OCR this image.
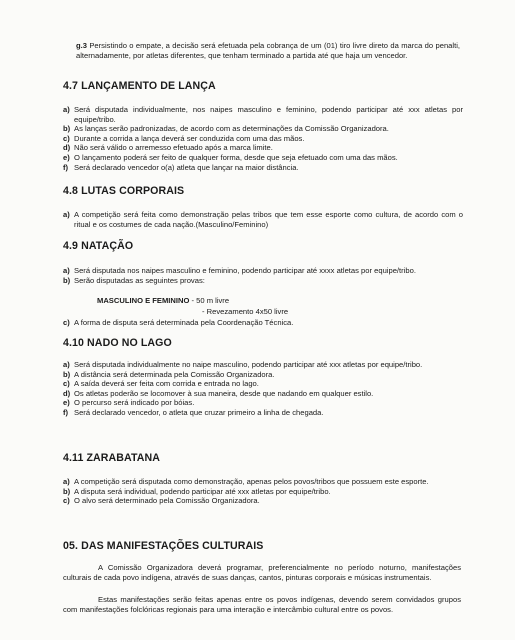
g.3 Persistindo o empate, a decisão será efetuada pela cobrança de um (01) tiro livre direto da marca do penalti, alternadamente, por atletas diferentes, que tenham terminado a partida até que haja um vencedor.

4.7 LANÇAMENTO DE LANÇA
a) Será disputada individualmente, nos naipes masculino e feminino, podendo participar até xxx atletas por equipe/tribo.
b) As lanças serão padronizadas, de acordo com as determinações da Comissão Organizadora.
c) Durante a corrida a lança deverá ser conduzida com uma das mãos.
d) Não será válido o arremesso efetuado após a marca limite.
e) O lançamento poderá ser feito de qualquer forma, desde que seja efetuado com uma das mãos.
f) Será declarado vencedor o(a) atleta que lançar na maior distância.
4.8 LUTAS CORPORAIS
a) A competição será feita como demonstração pelas tribos que tem esse esporte como cultura, de acordo com o ritual e os costumes de cada nação.(Masculino/Feminino)
4.9 NATAÇÃO
a) Será disputada nos naipes masculino e feminino, podendo participar até xxxx atletas por equipe/tribo.
b) Serão disputadas as seguintes provas:

MASCULINO E FEMININO - 50 m livre

- Revezamento 4x50 livre

c) A forma de disputa será determinada pela Coordenação Técnica.
4.10 NADO NO LAGO
a) Será disputada individualmente no naipe masculino, podendo participar até xxx atletas por equipe/tribo.
b) A distância será determinada pela Comissão Organizadora.
c) A saída deverá ser feita com corrida e entrada no lago.
d) Os atletas poderão se locomover à sua maneira, desde que nadando em qualquer estilo.
e) O percurso será indicado por bóias.
f) Será declarado vencedor, o atleta que cruzar primeiro a linha de chegada.
4.11 ZARABATANA
a) A competição será disputada como demonstração, apenas pelos povos/tribos que possuem este esporte.
b) A disputa será individual, podendo participar até xxx atletas por equipe/tribo.
c) O alvo será determinado pela Comissão Organizadora.
05. DAS MANIFESTAÇÕES CULTURAIS

A Comissão Organizadora deverá programar, preferencialmente no período noturno, manifestações culturais de cada povo indígena, através de suas danças, cantos, pinturas corporais e músicas instrumentais.

Estas manifestações serão feitas apenas entre os povos indígenas, devendo serem convidados grupos com manifestações folclóricas regionais para uma interação e intercâmbio cultural entre os povos.
